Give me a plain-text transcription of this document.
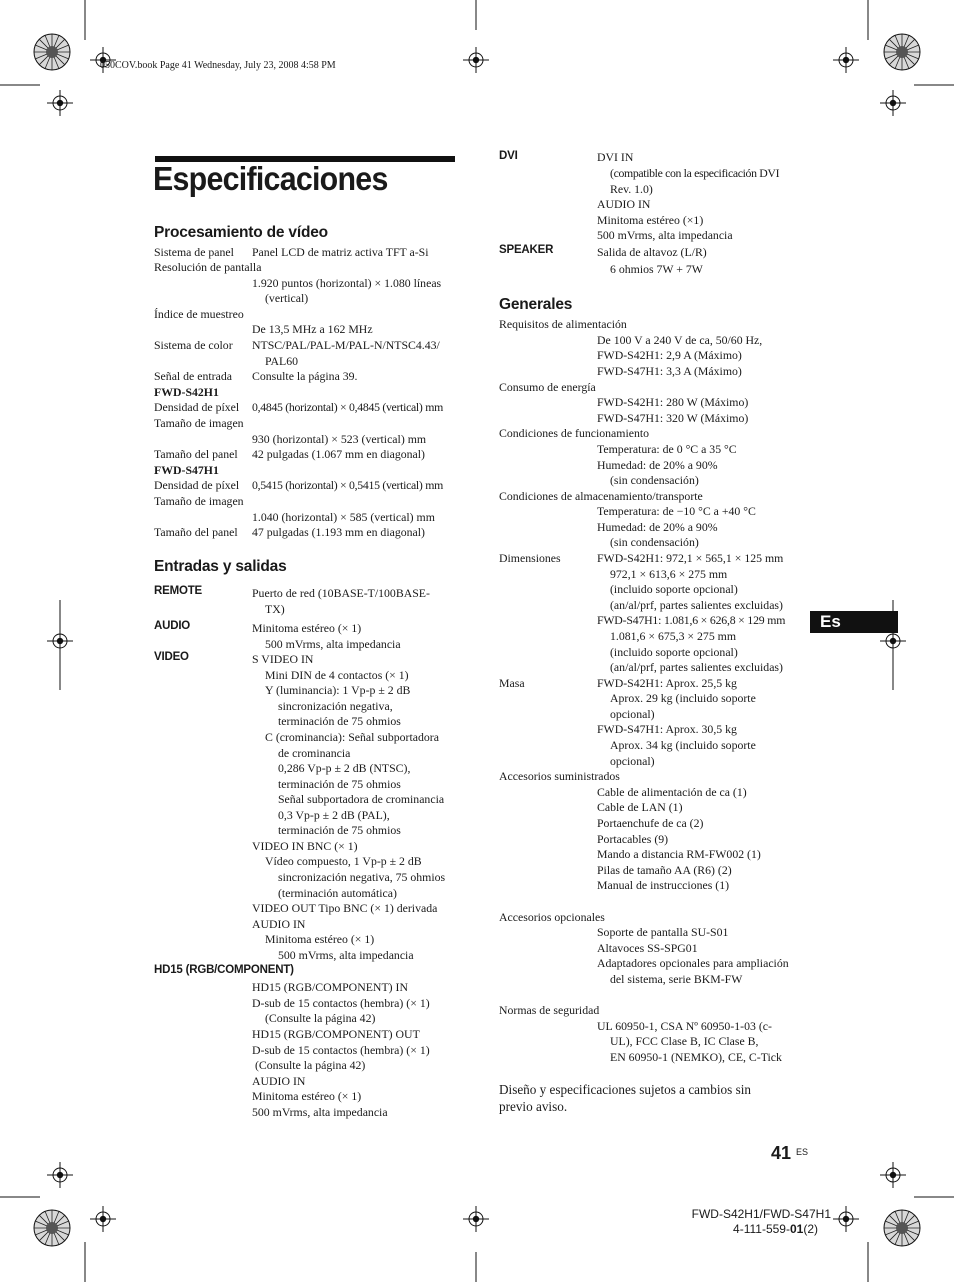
050COV.book Page 41 Wednesday, July 23, 2008 4:58 PM
Especificaciones
Procesamiento de vídeo
Sistema de panel Panel LCD de matriz activa TFT a-Si
Resolución de pantalla
1.920 puntos (horizontal) × 1.080 líneas
(vertical)
Índice de muestreo
De 13,5 MHz a 162 MHz
Sistema de color NTSC/PAL/PAL-M/PAL-N/NTSC4.43/
PAL60
Señal de entrada Consulte la página 39.
FWD-S42H1
Densidad de píxel 0,4845 (horizontal) × 0,4845 (vertical) mm
Tamaño de imagen
930 (horizontal) × 523 (vertical) mm
Tamaño del panel 42 pulgadas (1.067 mm en diagonal)
FWD-S47H1
Densidad de píxel 0,5415 (horizontal) × 0,5415 (vertical) mm
Tamaño de imagen
1.040 (horizontal) × 585 (vertical) mm
Tamaño del panel 47 pulgadas (1.193 mm en diagonal)
Entradas y salidas
REMOTE	Puerto de red (10BASE-T/100BASE-
TX)
AUDIO	Minitoma estéreo (× 1)
500 mVrms, alta impedancia
VIDEO	S VIDEO IN
Mini DIN de 4 contactos (× 1)
Y (luminancia): 1 Vp-p ± 2 dB
sincronización negativa,
terminación de 75 ohmios
C (crominancia): Señal subportadora
de crominancia
0,286 Vp-p ± 2 dB (NTSC),
terminación de 75 ohmios
Señal subportadora de crominancia
0,3 Vp-p ± 2 dB (PAL),
terminación de 75 ohmios
VIDEO IN BNC (× 1)
Vídeo compuesto, 1 Vp-p ± 2 dB
sincronización negativa, 75 ohmios
(terminación automática)
VIDEO OUT Tipo BNC (× 1) derivada
AUDIO IN
Minitoma estéreo (× 1)
500 mVrms, alta impedancia
HD15 (RGB/COMPONENT)
HD15 (RGB/COMPONENT) IN
D-sub de 15 contactos (hembra) (× 1)
(Consulte la página 42)
HD15 (RGB/COMPONENT) OUT
D-sub de 15 contactos (hembra) (× 1)
(Consulte la página 42)
AUDIO IN
Minitoma estéreo (× 1)
500 mVrms, alta impedancia
DVI	DVI IN
(compatible con la especificación DVI
Rev. 1.0)
AUDIO IN
Minitoma estéreo (×1)
500 mVrms, alta impedancia
SPEAKER	Salida de altavoz (L/R)
6 ohmios 7W + 7W
Generales
Requisitos de alimentación
De 100 V a 240 V de ca, 50/60 Hz,
FWD-S42H1: 2,9 A (Máximo)
FWD-S47H1: 3,3 A (Máximo)
Consumo de energía
FWD-S42H1: 280 W (Máximo)
FWD-S47H1: 320 W (Máximo)
Condiciones de funcionamiento
Temperatura: de 0 °C a 35 °C
Humedad: de 20% a 90%
(sin condensación)
Condiciones de almacenamiento/transporte
Temperatura: de −10 °C a +40 °C
Humedad: de 20% a 90%
(sin condensación)
Dimensiones	FWD-S42H1: 972,1 × 565,1 × 125 mm
972,1 × 613,6 × 275 mm
(incluido soporte opcional)
(an/al/prf, partes salientes excluidas)
FWD-S47H1: 1.081,6 × 626,8 × 129 mm
1.081,6 × 675,3 × 275 mm
(incluido soporte opcional)
(an/al/prf, partes salientes excluidas)
Masa	FWD-S42H1: Aprox. 25,5 kg
Aprox. 29 kg (incluido soporte
opcional)
FWD-S47H1: Aprox. 30,5 kg
Aprox. 34 kg (incluido soporte
opcional)
Accesorios suministrados
Cable de alimentación de ca (1)
Cable de LAN (1)
Portaenchufe de ca (2)
Portacables (9)
Mando a distancia RM-FW002 (1)
Pilas de tamaño AA (R6) (2)
Manual de instrucciones (1)
Accesorios opcionales
Soporte de pantalla SU-S01
Altavoces SS-SPG01
Adaptadores opcionales para ampliación
del sistema, serie BKM-FW
Normas de seguridad
UL 60950-1, CSA Nº 60950-1-03 (c-
UL), FCC Clase B, IC Clase B,
EN 60950-1 (NEMKO), CE, C-Tick
Diseño y especificaciones sujetos a cambios sin
previo aviso.
Es
41 ES
FWD-S42H1/FWD-S47H1
4-111-559-01(2)
